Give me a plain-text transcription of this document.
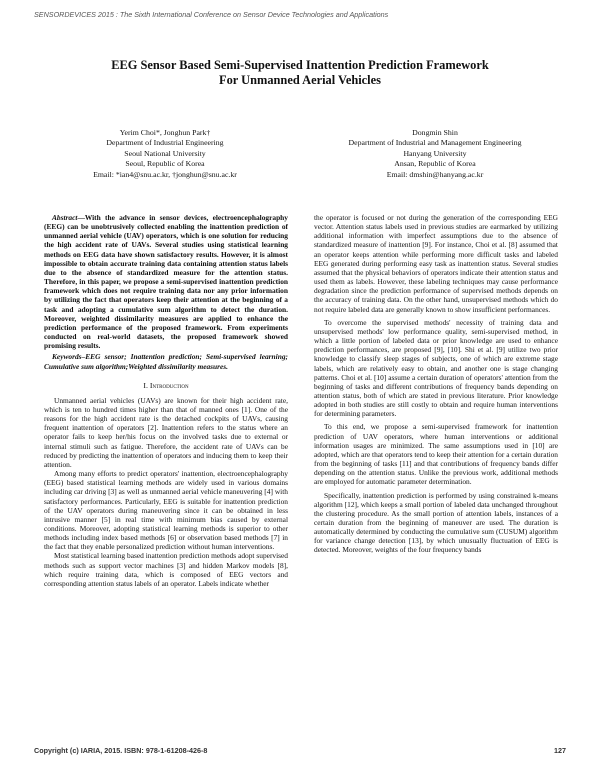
SENSORDEVICES 2015 : The Sixth International Conference on Sensor Device Technologies and Applications
EEG Sensor Based Semi-Supervised Inattention Prediction Framework
For Unmanned Aerial Vehicles
Yerim Choi*, Jonghun Park†
Department of Industrial Engineering
Seoul National University
Seoul, Republic of Korea
Email: *ian4@snu.ac.kr, †jonghun@snu.ac.kr
Dongmin Shin
Department of Industrial and Management Engineering
Hanyang University
Ansan, Republic of Korea
Email: dmshin@hanyang.ac.kr

Abstract—With the advance in sensor devices, electroencephalography (EEG) can be unobtrusively collected enabling the inattention prediction of unmanned aerial vehicle (UAV) operators, which is one solution for reducing the high accident rate of UAVs. Several studies using statistical learning methods on EEG data have shown satisfactory results. However, it is almost impossible to obtain accurate training data containing attention status labels due to the absence of standardized measure for the attention status. Therefore, in this paper, we propose a semi-supervised inattention prediction framework which does not require training data nor any prior information by utilizing the fact that operators keep their attention at the beginning of a task and adopting a cumulative sum algorithm to detect the duration. Moreover, weighted dissimilarity measures are applied to enhance the prediction performance of the proposed framework. From experiments conducted on real-world datasets, the proposed framework showed promising results.

Keywords–EEG sensor; Inattention prediction; Semi-supervised learning; Cumulative sum algorithm;Weighted dissimilarity measures.

I. Introduction

Unmanned aerial vehicles (UAVs) are known for their high accident rate, which is ten to hundred times higher than that of manned ones [1]. One of the reasons for the high accident rate is the detached cockpits of UAVs, causing frequent inattention of operators [2]. Inattention refers to the status where an operator fails to keep her/his focus on the involved tasks due to external or internal stimuli such as fatigue. Therefore, the accident rate of UAVs can be reduced by predicting the inattention of operators and inducing them to keep their attention.

Among many efforts to predict operators' inattention, electroencephalography (EEG) based statistical learning methods are widely used in various domains including car driving [3] as well as unmanned aerial vehicle maneuvering [4] with satisfactory performances. Particularly, EEG is suitable for inattention prediction of the UAV operators during maneuvering since it can be obtained in less intrusive manner [5] in real time with minimum bias caused by external conditions. Moreover, adopting statistical learning methods is superior to other methods including index based methods [6] or observation based methods [7] in the fact that they enable personalized prediction without human interventions.

Most statistical learning based inattention prediction methods adopt supervised methods such as support vector machines [3] and hidden Markov models [8], which require training data, which is composed of EEG vectors and corresponding attention status labels of an operator. Labels indicate whether

the operator is focused or not during the generation of the corresponding EEG vector. Attention status labels used in previous studies are earmarked by utilizing additional information with imperfect assumptions due to the absence of standardized measure of inattention [9]. For instance, Choi et al. [8] assumed that an operator keeps attention while performing more difficult tasks and labeled EEG generated during performing easy task as inattention status. Several studies assumed that the physical behaviors of operators indicate their attention status and used them as labels. However, these labeling techniques may cause performance degradation since the prediction performance of supervised methods depends on the accuracy of training data. On the other hand, unsupervised methods which do not require labeled data are generally known to show insufficient performances.

To overcome the supervised methods' necessity of training data and unsupervised methods' low performance quality, semi-supervised method, in which a little portion of labeled data or prior knowledge are used to enhance prediction performances, are proposed [9], [10]. Shi et al. [9] utilize two prior knowledge to classify sleep stages of subjects, one of which are extreme stage labels, which are relatively easy to obtain, and another one is stage changing patterns. Choi et al. [10] assume a certain duration of operators' attention from the beginning of tasks and different contributions of frequency bands depending on attention status, both of which are stated in previous literature. Prior knowledge adopted in both studies are still costly to obtain and require human interventions for determining parameters.

To this end, we propose a semi-supervised framework for inattention prediction of UAV operators, where human interventions or additional information usages are minimized. The same assumptions used in [10] are adopted, which are that operators tend to keep their attention for a certain duration from the beginning of tasks [11] and that contributions of frequency bands differ depending on the attention status. Unlike the previous work, additional methods are employed for automatic parameter determination.

Specifically, inattention prediction is performed by using constrained k-means algorithm [12], which keeps a small portion of labeled data unchanged throughout the clustering procedure. As the small portion of attention labels, instances of a certain duration from the beginning of maneuver are used. The duration is automatically determined by conducting the cumulative sum (CUSUM) algorithm for variance change detection [13], by which unusually fluctuation of EEG is detected. Moreover, weights of the four frequency bands

Copyright (c) IARIA, 2015. ISBN: 978-1-61208-426-8	127
